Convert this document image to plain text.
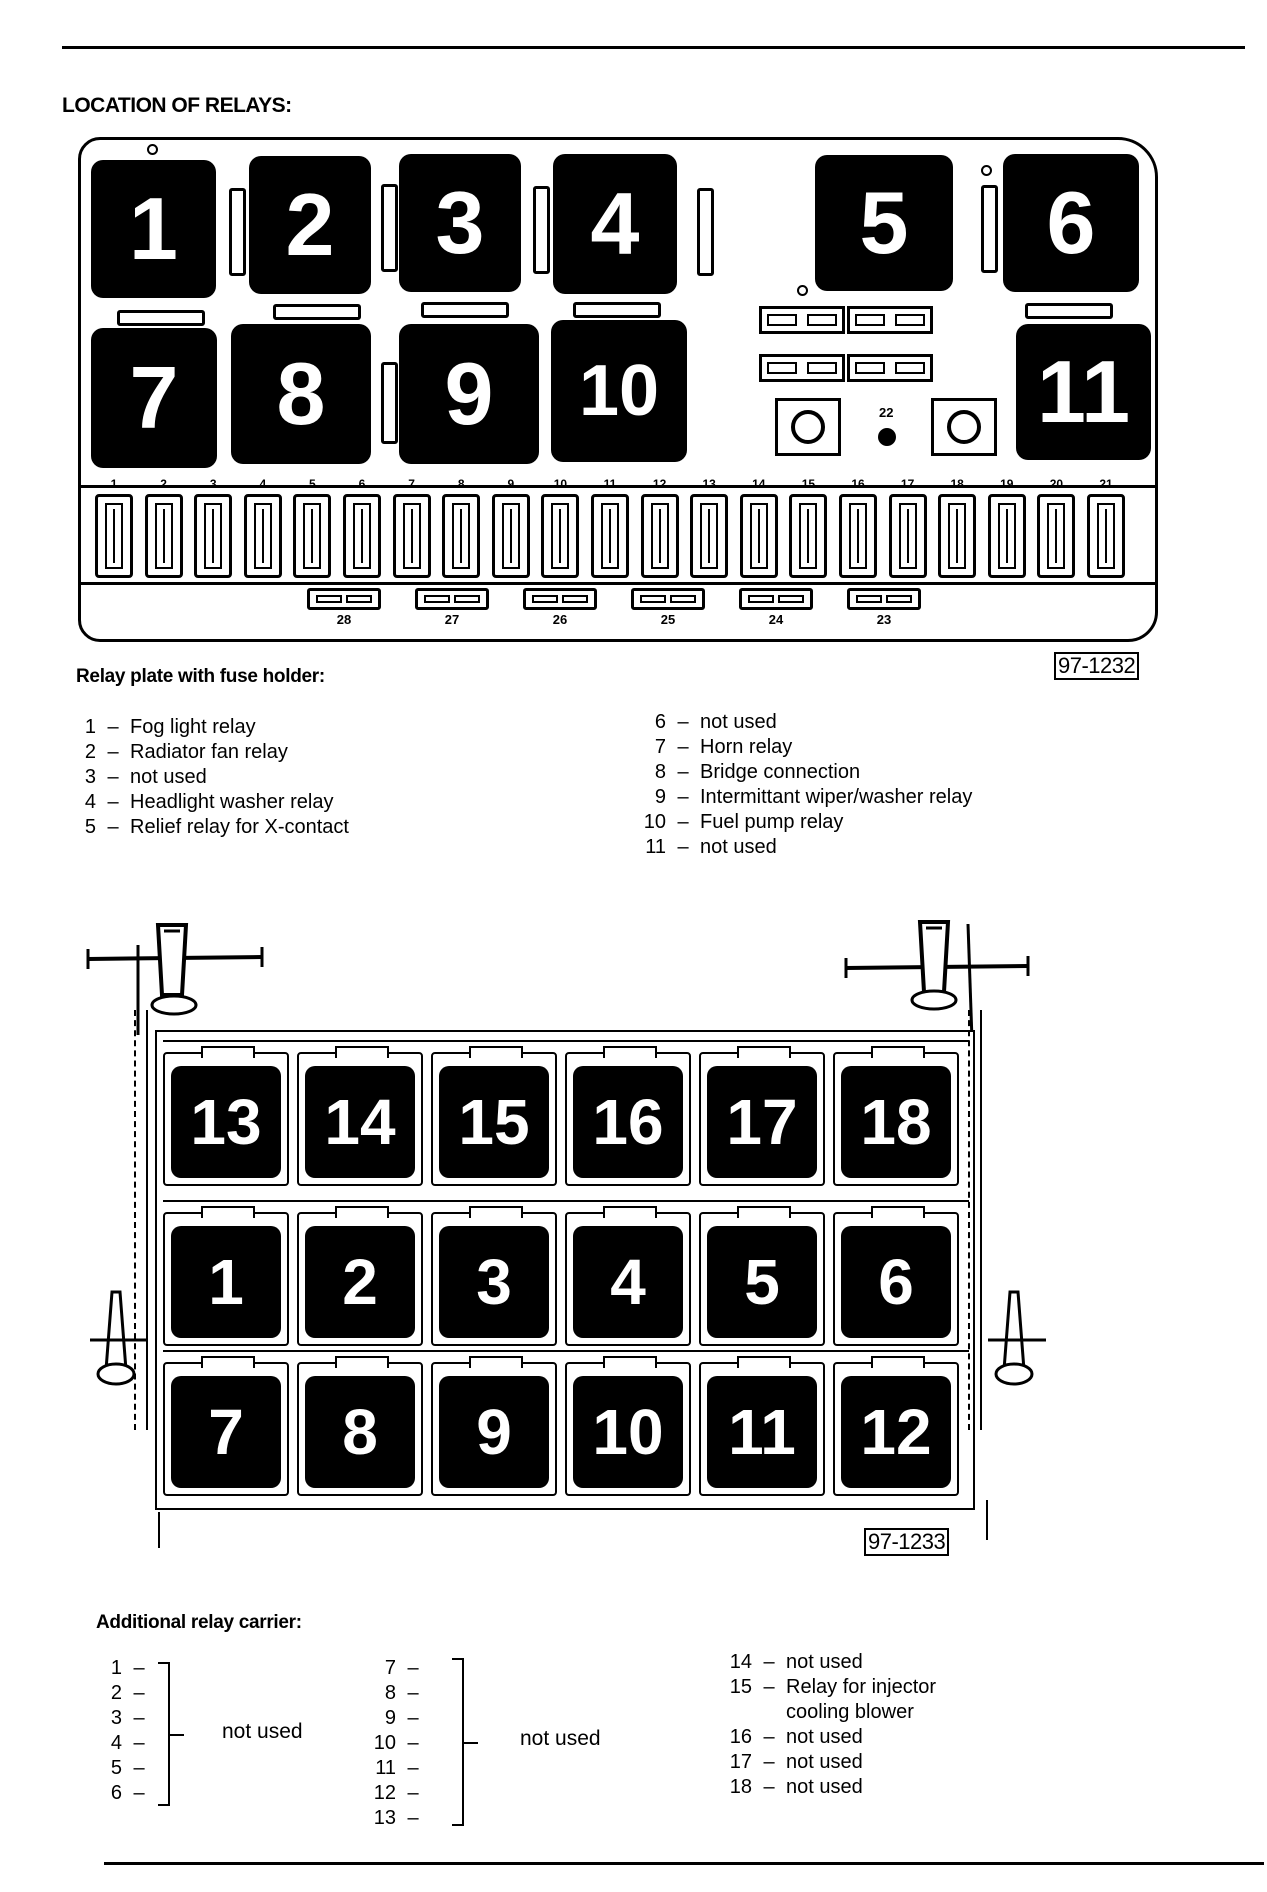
LOCATION OF RELAYS:
1	2	3	4	5	6
7	8	9	10	11
22
1	2	3	4	5	6	7	8	9	10	11	12	13	14	15	16	17	18	19	20	21
28	27	26	25	24	23
Relay plate with fuse holder:	97-1232
1 – Fog light relay
2 – Radiator fan relay
3 – not used
4 – Headlight washer relay
5 – Relief relay for X-contact
6 – not used
7 – Horn relay
8 – Bridge connection
9 – Intermittant wiper/washer relay
10 – Fuel pump relay
11 – not used
13 14 15 16 17 18
1	2	3	4	5	6
7	8	9	10	11	12
97-1233
Additional relay carrier:
1 –
2 –
3 –
4 –
5 –
6 –
not used
7 –
8 –
9 –
10 –
11 –
12 –
13 –
not used
14 – not used
15 – Relay for injector
cooling blower
16 – not used
17 – not used
18 – not used
